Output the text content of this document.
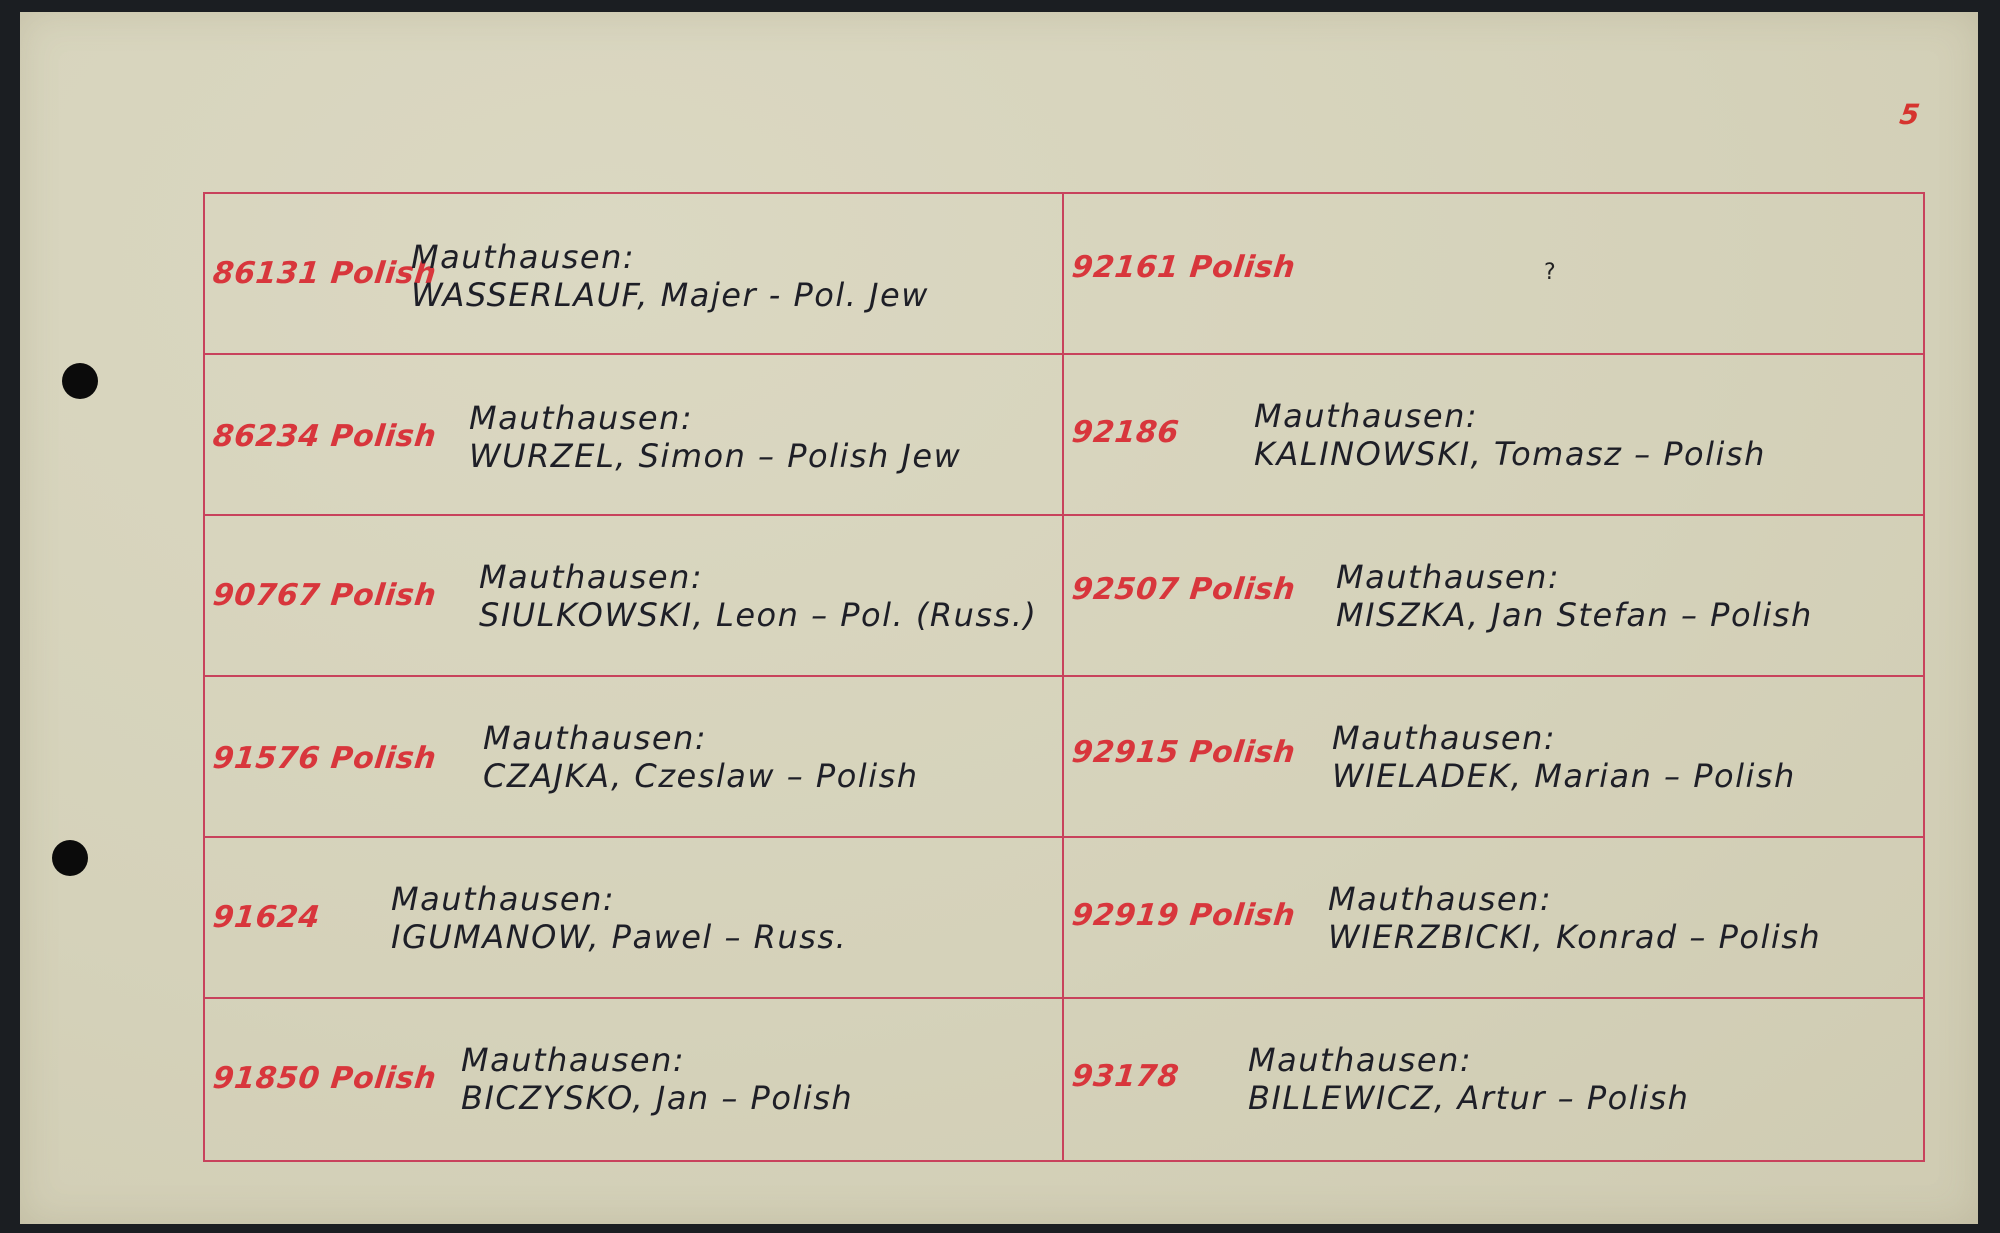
5
86131 Polish
Mauthausen:
WASSERLAUF, Majer - Pol. Jew
92161 Polish	?
86234 Polish Mauthausen:
WURZEL, Simon – Polish Jew
92186 Mauthausen:
KALINOWSKI, Tomasz – Polish
90767 Polish Mauthausen:
SIULKOWSKI, Leon – Pol. (Russ.)
92507 Polish Mauthausen:
MISZKA, Jan Stefan – Polish
91576 Polish
Mauthausen:
CZAJKA, Czeslaw – Polish
92915 Polish Mauthausen:
WIELADEK, Marian – Polish
91624 Mauthausen:
IGUMANOW, Pawel – Russ.
92919 Polish Mauthausen:
WIERZBICKI, Konrad – Polish
91850 Polish Mauthausen:
BICZYSKO, Jan – Polish
93178 Mauthausen:
BILLEWICZ, Artur – Polish
